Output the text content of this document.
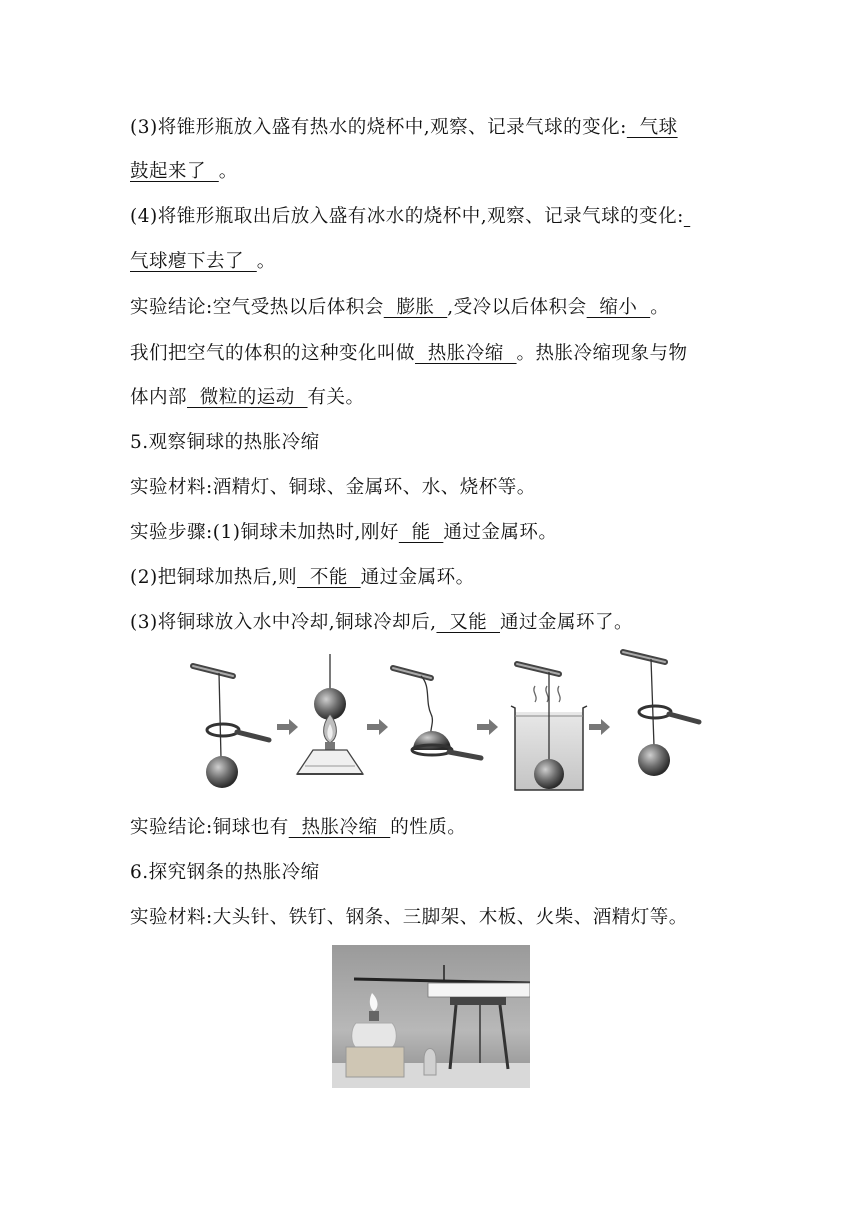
(3)将锥形瓶放入盛有热水的烧杯中,观察、记录气球的变化:  气球
鼓起来了  。
(4)将锥形瓶取出后放入盛有冰水的烧杯中,观察、记录气球的变化:
气球瘪下去了  。
实验结论:空气受热以后体积会  膨胀  ,受冷以后体积会  缩小  。
我们把空气的体积的这种变化叫做  热胀冷缩  。热胀冷缩现象与物
体内部  微粒的运动  有关。
5.观察铜球的热胀冷缩
实验材料:酒精灯、铜球、金属环、水、烧杯等。
实验步骤:(1)铜球未加热时,刚好  能  通过金属环。
(2)把铜球加热后,则  不能  通过金属环。
(3)将铜球放入水中冷却,铜球冷却后,  又能  通过金属环了。
实验结论:铜球也有  热胀冷缩  的性质。
6.探究钢条的热胀冷缩
实验材料:大头针、铁钉、钢条、三脚架、木板、火柴、酒精灯等。
